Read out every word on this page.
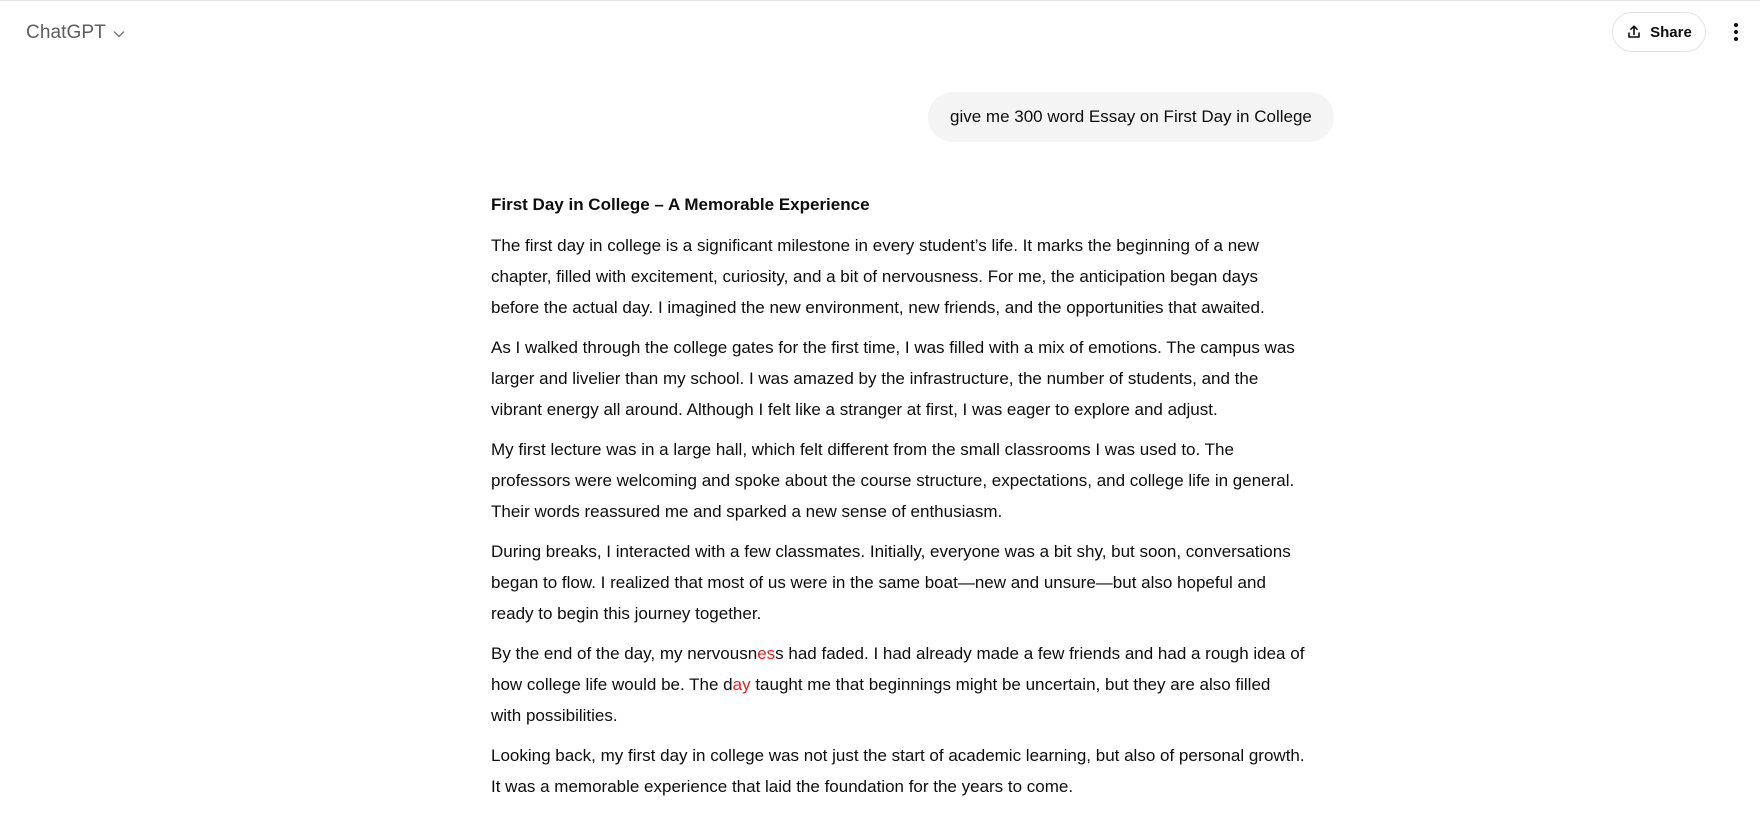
ChatGPT	Share
give me 300 word Essay on First Day in College
First Day in College – A Memorable Experience

The first day in college is a significant milestone in every student’s life. It marks the beginning of a new
chapter, filled with excitement, curiosity, and a bit of nervousness. For me, the anticipation began days
before the actual day. I imagined the new environment, new friends, and the opportunities that awaited.

As I walked through the college gates for the first time, I was filled with a mix of emotions. The campus was
larger and livelier than my school. I was amazed by the infrastructure, the number of students, and the
vibrant energy all around. Although I felt like a stranger at first, I was eager to explore and adjust.

My first lecture was in a large hall, which felt different from the small classrooms I was used to. The
professors were welcoming and spoke about the course structure, expectations, and college life in general.
Their words reassured me and sparked a new sense of enthusiasm.

During breaks, I interacted with a few classmates. Initially, everyone was a bit shy, but soon, conversations
began to flow. I realized that most of us were in the same boat—new and unsure—but also hopeful and
ready to begin this journey together.

By the end of the day, my nervousness had faded. I had already made a few friends and had a rough idea of
how college life would be. The day taught me that beginnings might be uncertain, but they are also filled
with possibilities.

Looking back, my first day in college was not just the start of academic learning, but also of personal growth.
It was a memorable experience that laid the foundation for the years to come.
